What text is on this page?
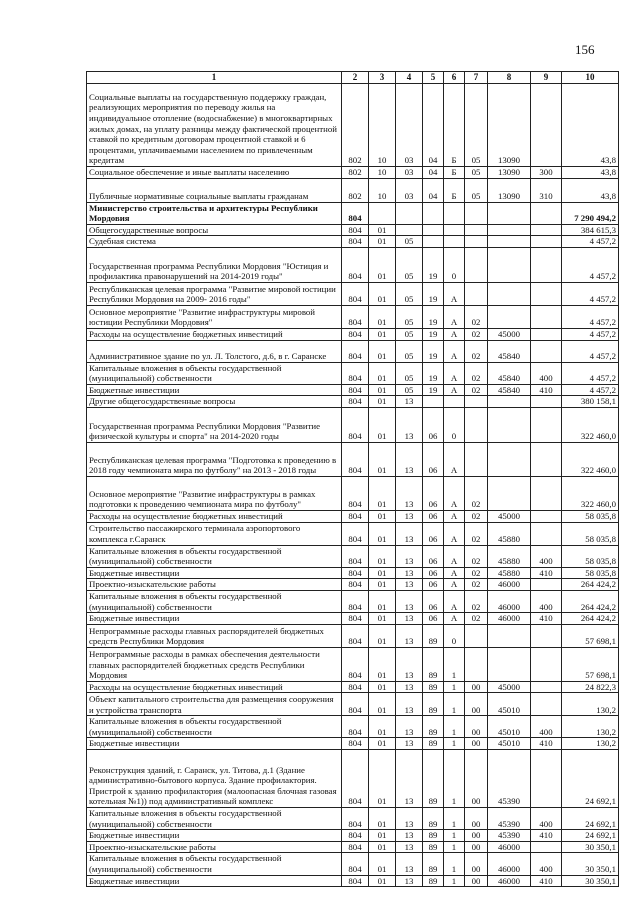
156
1	2	3	4	5	6	7	8	9	10
Социальные выплаты на государственную поддержку граждан, реализующих мероприятия по переводу жилья на индивидуальное отопление (водоснабжение) в многоквартирных жилых домах, на уплату разницы между фактической процентной ставкой по кредитным договорам процентной ставкой и 6 процентами, уплачиваемыми населением по привлеченным кредитам	802	10	03	04	Б	05	13090		43,8
Социальное обеспечение и иные выплаты населению	802	10	03	04	Б	05	13090	300	43,8
Публичные нормативные социальные выплаты гражданам	802	10	03	04	Б	05	13090	310	43,8
Министерство строительства и архитектуры Республики Мордовия	804								7 290 494,2
Общегосударственные вопросы	804	01							384 615,3
Судебная система	804	01	05						4 457,2
Государственная программа Республики Мордовия "Юстиция и профилактика правонарушений на 2014-2019 годы"	804	01	05	19	0				4 457,2
Республиканская целевая программа "Развитие мировой юстиции Республики Мордовия на 2009- 2016 годы"	804	01	05	19	А				4 457,2
Основное мероприятие "Развитие инфраструктуры мировой юстиции Республики Мордовия"	804	01	05	19	А	02			4 457,2
Расходы на осуществление бюджетных инвестиций	804	01	05	19	А	02	45000		4 457,2
Административное здание по ул. Л. Толстого, д.6, в г. Саранске	804	01	05	19	А	02	45840		4 457,2
Капитальные вложения в объекты государственной (муниципальной) собственности	804	01	05	19	А	02	45840	400	4 457,2
Бюджетные инвестиции	804	01	05	19	А	02	45840	410	4 457,2
Другие общегосударственные вопросы	804	01	13						380 158,1
Государственная программа Республики Мордовия "Развитие физической культуры и спорта" на 2014-2020 годы	804	01	13	06	0				322 460,0
Республиканская целевая программа "Подготовка к проведению в 2018 году чемпионата мира по футболу" на 2013 - 2018 годы	804	01	13	06	А				322 460,0
Основное мероприятие "Развитие инфраструктуры в рамках подготовки к проведению чемпионата мира по футболу"	804	01	13	06	А	02			322 460,0
Расходы на осуществление бюджетных инвестиций	804	01	13	06	А	02	45000		58 035,8
Строительство пассажирского терминала аэропортового комплекса г.Саранск	804	01	13	06	А	02	45880		58 035,8
Капитальные вложения в объекты государственной (муниципальной) собственности	804	01	13	06	А	02	45880	400	58 035,8
Бюджетные инвестиции	804	01	13	06	А	02	45880	410	58 035,8
Проектно-изыскательские работы	804	01	13	06	А	02	46000		264 424,2
Капитальные вложения в объекты государственной (муниципальной) собственности	804	01	13	06	А	02	46000	400	264 424,2
Бюджетные инвестиции	804	01	13	06	А	02	46000	410	264 424,2
Непрограммные расходы главных распорядителей бюджетных средств Республики Мордовия	804	01	13	89	0				57 698,1
Непрограммные расходы в рамках обеспечения деятельности главных распорядителей бюджетных средств Республики Мордовия	804	01	13	89	1				57 698,1
Расходы на осуществление бюджетных инвестиций	804	01	13	89	1	00	45000		24 822,3
Объект капитального строительства для размещения сооружения и устройства транспорта	804	01	13	89	1	00	45010		130,2
Капитальные вложения в объекты государственной (муниципальной) собственности	804	01	13	89	1	00	45010	400	130,2
Бюджетные инвестиции	804	01	13	89	1	00	45010	410	130,2
Реконструкция зданий, г. Саранск, ул. Титова, д.1 (Здание административно-бытового корпуса. Здание профилактория. Пристрой к зданию профилактория (малоопасная блочная газовая котельная №1)) под административный комплекс	804	01	13	89	1	00	45390		24 692,1
Капитальные вложения в объекты государственной (муниципальной) собственности	804	01	13	89	1	00	45390	400	24 692,1
Бюджетные инвестиции	804	01	13	89	1	00	45390	410	24 692,1
Проектно-изыскательские работы	804	01	13	89	1	00	46000		30 350,1
Капитальные вложения в объекты государственной (муниципальной) собственности	804	01	13	89	1	00	46000	400	30 350,1
Бюджетные инвестиции	804	01	13	89	1	00	46000	410	30 350,1
